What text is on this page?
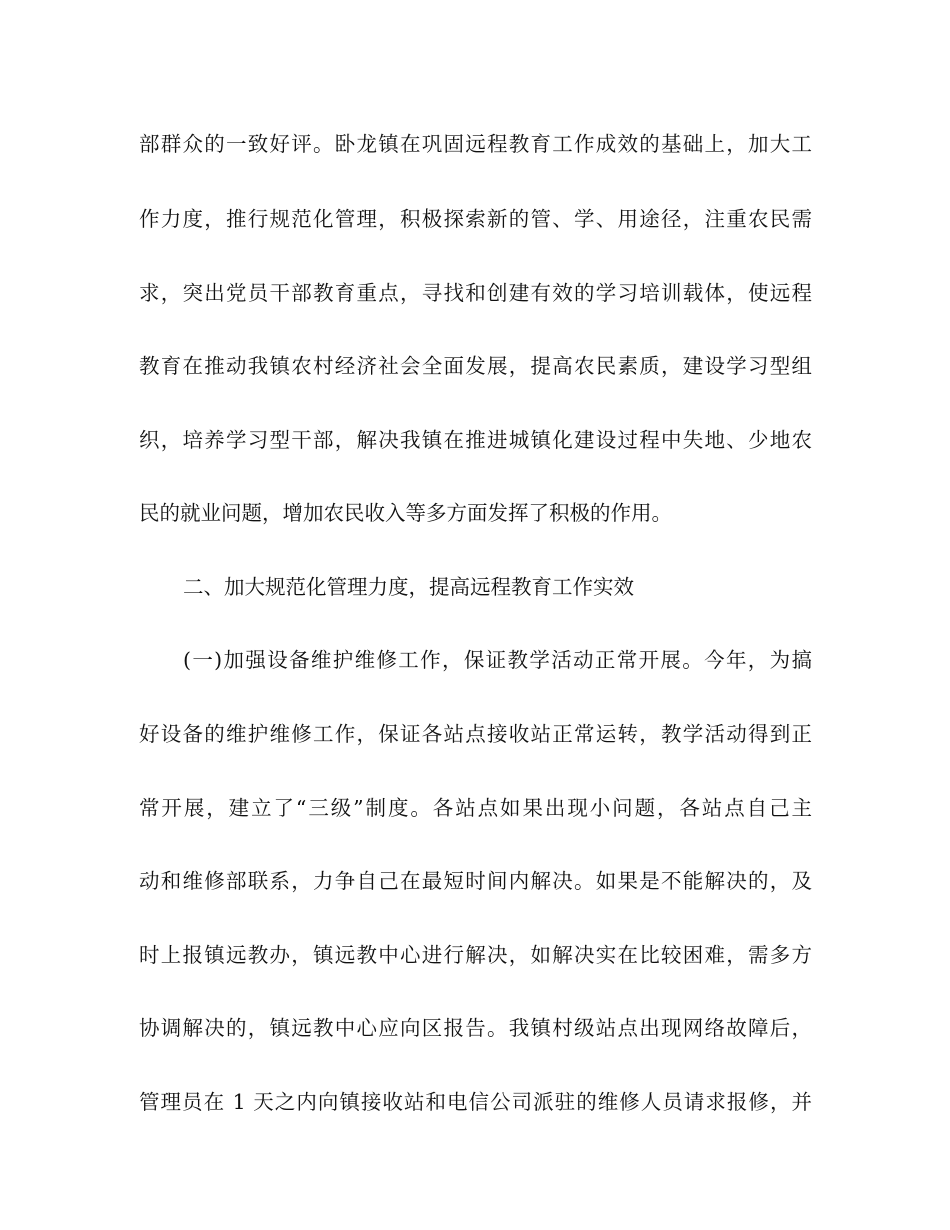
部群众的一致好评。卧龙镇在巩固远程教育工作成效的基础上，加大工
作力度，推行规范化管理，积极探索新的管、学、用途径，注重农民需
求，突出党员干部教育重点，寻找和创建有效的学习培训载体，使远程
教育在推动我镇农村经济社会全面发展，提高农民素质，建设学习型组
织，培养学习型干部，解决我镇在推进城镇化建设过程中失地、少地农
民的就业问题，增加农民收入等多方面发挥了积极的作用。
二、加大规范化管理力度，提高远程教育工作实效
(一)加强设备维护维修工作，保证教学活动正常开展。今年，为搞
好设备的维护维修工作，保证各站点接收站正常运转，教学活动得到正
常开展，建立了“三级”制度。各站点如果出现小问题，各站点自己主
动和维修部联系，力争自己在最短时间内解决。如果是不能解决的，及
时上报镇远教办，镇远教中心进行解决，如解决实在比较困难，需多方
协调解决的，镇远教中心应向区报告。我镇村级站点出现网络故障后，
管理员在 1 天之内向镇接收站和电信公司派驻的维修人员请求报修，并
